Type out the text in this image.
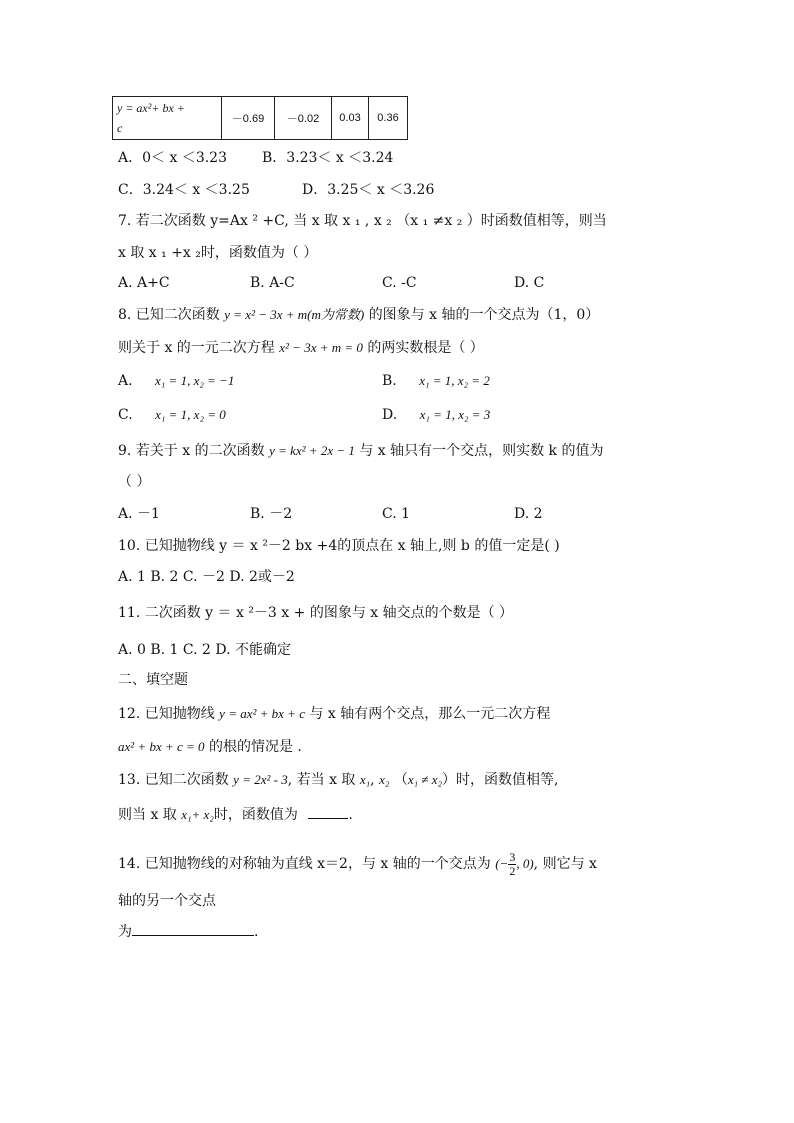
y = ax²+ bx +
c
	－0.69	－0.02	0.03	0.36
A．0＜ x ＜3.23	B．3.23＜ x ＜3.24
C．3.24＜ x ＜3.25	D．3.25＜ x ＜3.26
7. 若二次函数 y=Ax ² +C, 当 x 取 x ₁ , x ₂ （x ₁ ≠x ₂ ）时函数值相等，则当
x 取 x ₁ +x ₂时，函数值为（ ）
A. A+C	B. A-C	C. -C	D. C
8. 已知二次函数 y = x² − 3x + m(m为常数) 的图象与 x 轴的一个交点为（1，0）
则关于 x 的一元二次方程 x² − 3x + m = 0 的两实数根是（ ）
A. x₁ = 1, x₂ = −1	B. x₁ = 1, x₂ = 2
C. x₁ = 1, x₂ = 0	D. x₁ = 1, x₂ = 3
9. 若关于 x 的二次函数 y = kx² + 2x − 1 与 x 轴只有一个交点，则实数 k 的值为
（ ）
A. －1	B. －2	C. 1	D. 2
10. 已知抛物线 y ＝ x ²－2 bx +4的顶点在 x 轴上,则 b 的值一定是( )
A. 1 B. 2 C. －2 D. 2或－2
11. 二次函数 y ＝ x ²－3 x + 的图象与 x 轴交点的个数是（ ）
A. 0 B. 1 C. 2 D. 不能确定
二、填空题
12. 已知抛物线 y = ax² + bx + c 与 x 轴有两个交点，那么一元二次方程
ax² + bx + c = 0 的根的情况是 .
13. 已知二次函数 y = 2x² - 3, 若当 x 取 x₁, x₂ （x₁ ≠ x₂）时，函数值相等,
则当 x 取 x₁+ x₂时，函数值为	.
14. 已知抛物线的对称轴为直线 x＝2，与 x 轴的一个交点为 (− $\frac{3}{2}$ , 0), 则它与 x
轴的另一个交点
为	.
